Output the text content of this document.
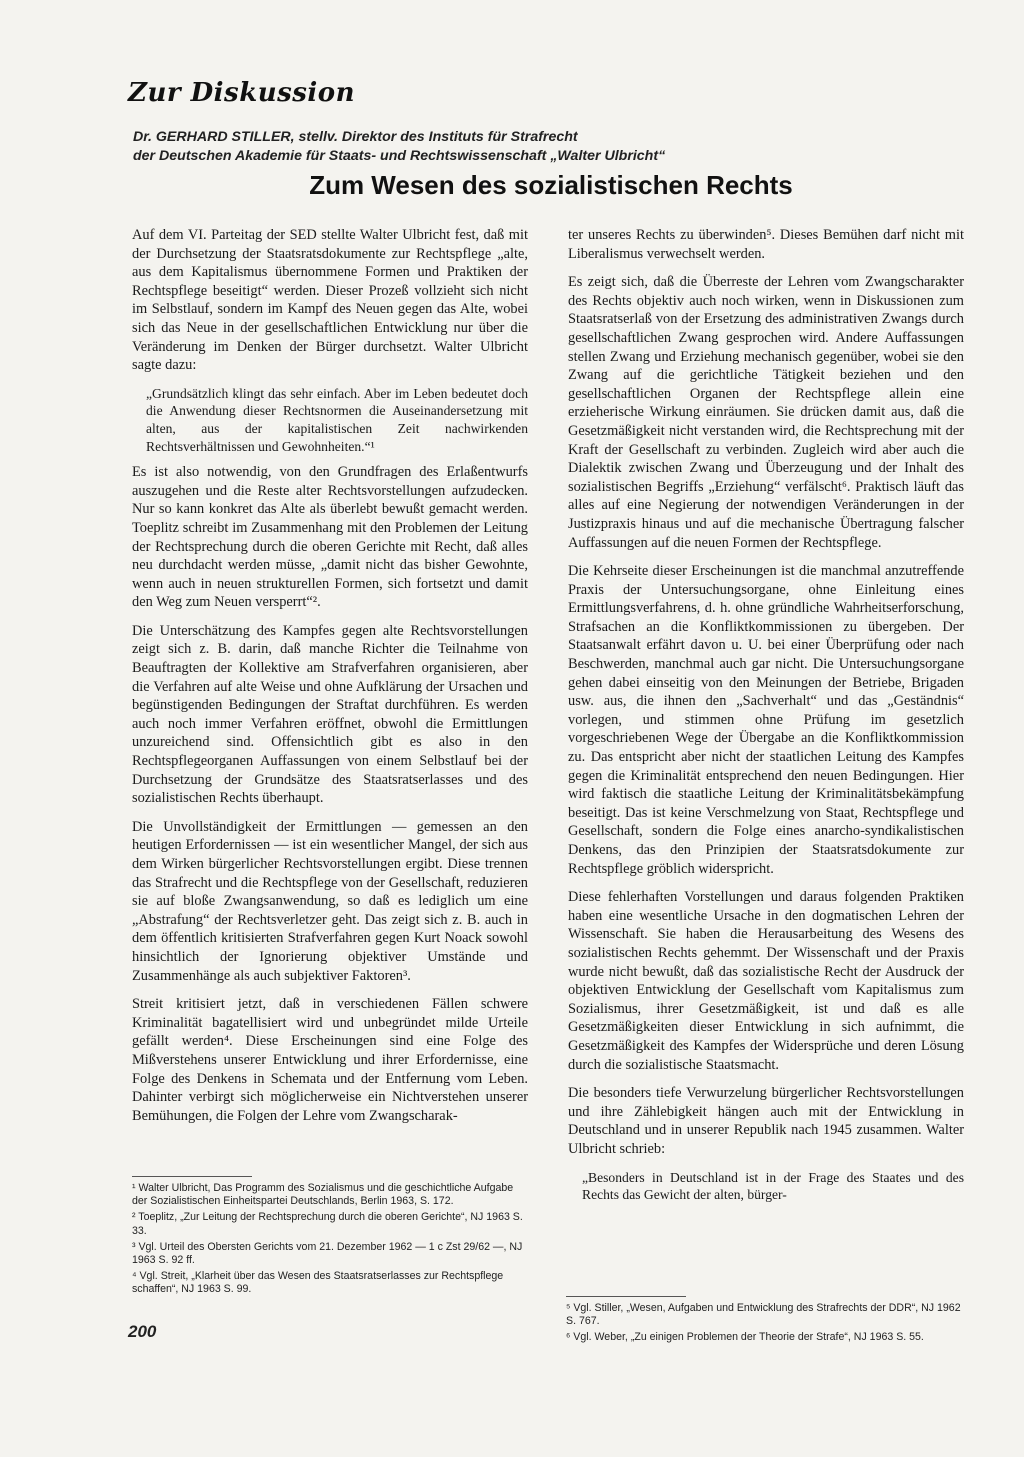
Zur Diskussion
Dr. GERHARD STILLER, stellv. Direktor des Instituts für Strafrecht
der Deutschen Akademie für Staats- und Rechtswissenschaft „Walter Ulbricht“
Zum Wesen des sozialistischen Rechts

Auf dem VI. Parteitag der SED stellte Walter Ulbricht fest, daß mit der Durchsetzung der Staatsratsdokumente zur Rechtspflege „alte, aus dem Kapitalismus übernommene Formen und Praktiken der Rechtspflege beseitigt“ werden. Dieser Prozeß vollzieht sich nicht im Selbstlauf, sondern im Kampf des Neuen gegen das Alte, wobei sich das Neue in der gesellschaftlichen Entwicklung nur über die Veränderung im Denken der Bürger durchsetzt. Walter Ulbricht sagte dazu:

„Grundsätzlich klingt das sehr einfach. Aber im Leben bedeutet doch die Anwendung dieser Rechtsnormen die Auseinandersetzung mit alten, aus der kapitalistischen Zeit nachwirkenden Rechtsverhältnissen und Gewohnheiten.“¹

Es ist also notwendig, von den Grundfragen des Erlaßentwurfs auszugehen und die Reste alter Rechtsvorstellungen aufzudecken. Nur so kann konkret das Alte als überlebt bewußt gemacht werden. Toeplitz schreibt im Zusammenhang mit den Problemen der Leitung der Rechtsprechung durch die oberen Gerichte mit Recht, daß alles neu durchdacht werden müsse, „damit nicht das bisher Gewohnte, wenn auch in neuen strukturellen Formen, sich fortsetzt und damit den Weg zum Neuen versperrt“².

Die Unterschätzung des Kampfes gegen alte Rechtsvorstellungen zeigt sich z. B. darin, daß manche Richter die Teilnahme von Beauftragten der Kollektive am Strafverfahren organisieren, aber die Verfahren auf alte Weise und ohne Aufklärung der Ursachen und begünstigenden Bedingungen der Straftat durchführen. Es werden auch noch immer Verfahren eröffnet, obwohl die Ermittlungen unzureichend sind. Offensichtlich gibt es also in den Rechtspflegeorganen Auffassungen von einem Selbstlauf bei der Durchsetzung der Grundsätze des Staatsratserlasses und des sozialistischen Rechts überhaupt.

Die Unvollständigkeit der Ermittlungen — gemessen an den heutigen Erfordernissen — ist ein wesentlicher Mangel, der sich aus dem Wirken bürgerlicher Rechtsvorstellungen ergibt. Diese trennen das Strafrecht und die Rechtspflege von der Gesellschaft, reduzieren sie auf bloße Zwangsanwendung, so daß es lediglich um eine „Abstrafung“ der Rechtsverletzer geht. Das zeigt sich z. B. auch in dem öffentlich kritisierten Strafverfahren gegen Kurt Noack sowohl hinsichtlich der Ignorierung objektiver Umstände und Zusammenhänge als auch subjektiver Faktoren³.

Streit kritisiert jetzt, daß in verschiedenen Fällen schwere Kriminalität bagatellisiert wird und unbegründet milde Urteile gefällt werden⁴. Diese Erscheinungen sind eine Folge des Mißverstehens unserer Entwicklung und ihrer Erfordernisse, eine Folge des Denkens in Schemata und der Entfernung vom Leben. Dahinter verbirgt sich möglicherweise ein Nichtverstehen unserer Bemühungen, die Folgen der Lehre vom Zwangscharak-

ter unseres Rechts zu überwinden⁵. Dieses Bemühen darf nicht mit Liberalismus verwechselt werden.

Es zeigt sich, daß die Überreste der Lehren vom Zwangscharakter des Rechts objektiv auch noch wirken, wenn in Diskussionen zum Staatsratserlaß von der Ersetzung des administrativen Zwangs durch gesellschaftlichen Zwang gesprochen wird. Andere Auffassungen stellen Zwang und Erziehung mechanisch gegenüber, wobei sie den Zwang auf die gerichtliche Tätigkeit beziehen und den gesellschaftlichen Organen der Rechtspflege allein eine erzieherische Wirkung einräumen. Sie drücken damit aus, daß die Gesetzmäßigkeit nicht verstanden wird, die Rechtsprechung mit der Kraft der Gesellschaft zu verbinden. Zugleich wird aber auch die Dialektik zwischen Zwang und Überzeugung und der Inhalt des sozialistischen Begriffs „Erziehung“ verfälscht⁶. Praktisch läuft das alles auf eine Negierung der notwendigen Veränderungen in der Justizpraxis hinaus und auf die mechanische Übertragung falscher Auffassungen auf die neuen Formen der Rechtspflege.

Die Kehrseite dieser Erscheinungen ist die manchmal anzutreffende Praxis der Untersuchungsorgane, ohne Einleitung eines Ermittlungsverfahrens, d. h. ohne gründliche Wahrheitserforschung, Strafsachen an die Konfliktkommissionen zu übergeben. Der Staatsanwalt erfährt davon u. U. bei einer Überprüfung oder nach Beschwerden, manchmal auch gar nicht. Die Untersuchungsorgane gehen dabei einseitig von den Meinungen der Betriebe, Brigaden usw. aus, die ihnen den „Sachverhalt“ und das „Geständnis“ vorlegen, und stimmen ohne Prüfung im gesetzlich vorgeschriebenen Wege der Übergabe an die Konfliktkommission zu. Das entspricht aber nicht der staatlichen Leitung des Kampfes gegen die Kriminalität entsprechend den neuen Bedingungen. Hier wird faktisch die staatliche Leitung der Kriminalitätsbekämpfung beseitigt. Das ist keine Verschmelzung von Staat, Rechtspflege und Gesellschaft, sondern die Folge eines anarcho-syndikalistischen Denkens, das den Prinzipien der Staatsratsdokumente zur Rechtspflege gröblich widerspricht.

Diese fehlerhaften Vorstellungen und daraus folgenden Praktiken haben eine wesentliche Ursache in den dogmatischen Lehren der Wissenschaft. Sie haben die Herausarbeitung des Wesens des sozialistischen Rechts gehemmt. Der Wissenschaft und der Praxis wurde nicht bewußt, daß das sozialistische Recht der Ausdruck der objektiven Entwicklung der Gesellschaft vom Kapitalismus zum Sozialismus, ihrer Gesetzmäßigkeit, ist und daß es alle Gesetzmäßigkeiten dieser Entwicklung in sich aufnimmt, die Gesetzmäßigkeit des Kampfes der Widersprüche und deren Lösung durch die sozialistische Staatsmacht.

Die besonders tiefe Verwurzelung bürgerlicher Rechtsvorstellungen und ihre Zählebigkeit hängen auch mit der Entwicklung in Deutschland und in unserer Republik nach 1945 zusammen. Walter Ulbricht schrieb:

„Besonders in Deutschland ist in der Frage des Staates und des Rechts das Gewicht der alten, bürger-
¹ Walter Ulbricht, Das Programm des Sozialismus und die geschichtliche Aufgabe der Sozialistischen Einheitspartei Deutschlands, Berlin 1963, S. 172.
² Toeplitz, „Zur Leitung der Rechtsprechung durch die oberen Gerichte“, NJ 1963 S. 33.
³ Vgl. Urteil des Obersten Gerichts vom 21. Dezember 1962 — 1 c Zst 29/62 —, NJ 1963 S. 92 ff.
⁴ Vgl. Streit, „Klarheit über das Wesen des Staatsratserlasses zur Rechtspflege schaffen“, NJ 1963 S. 99.
⁵ Vgl. Stiller, „Wesen, Aufgaben und Entwicklung des Strafrechts der DDR“, NJ 1962 S. 767.
⁶ Vgl. Weber, „Zu einigen Problemen der Theorie der Strafe“, NJ 1963 S. 55.
200
